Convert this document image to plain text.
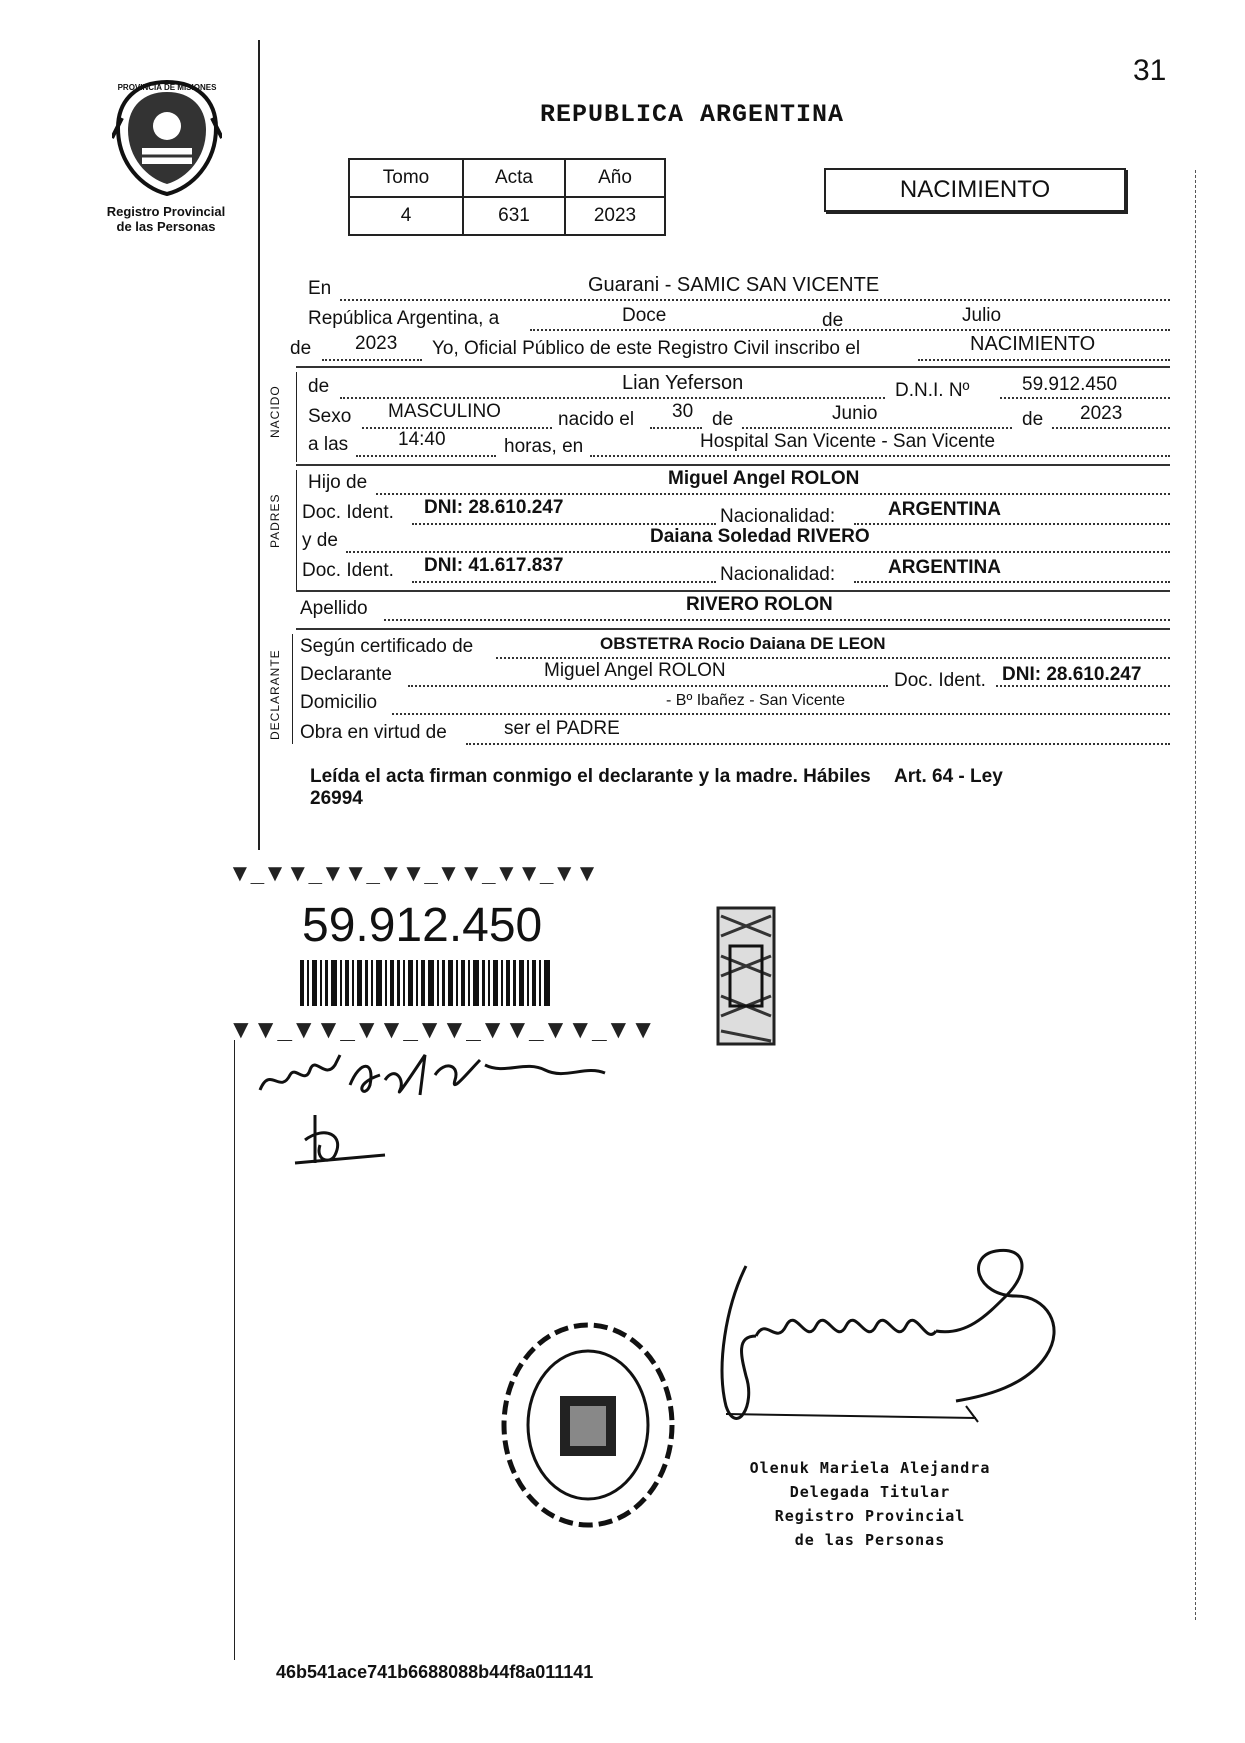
31
PROVINCIA DE MISIONES
Registro Provincial
de las Personas
REPUBLICA ARGENTINA
Tomo	Acta	Año
4	631	2023
NACIMIENTO
En	Guarani - SAMIC SAN VICENTE
República Argentina, a	Doce	de	Julio
de 2023 Yo, Oficial Público de este Registro Civil inscribo el	NACIMIENTO
NACIDO de	Lian Yeferson	D.N.I. Nº	59.912.450
Sexo MASCULINO	nacido el 30 de	Junio	de 2023
a las	14:40	horas, en	Hospital San Vicente - San Vicente
PADRES
Hijo de	Miguel Angel ROLON
Doc. Ident. DNI: 28.610.247	Nacionalidad:	ARGENTINA
y de	Daiana Soledad RIVERO
Doc. Ident. DNI: 41.617.837	Nacionalidad:	ARGENTINA
Apellido	RIVERO ROLON
DECLARANTE
Según certificado de	OBSTETRA Rocio Daiana DE LEON
Declarante	Miguel Angel ROLON	Doc. Ident. DNI: 28.610.247
Domicilio	- Bº Ibañez - San Vicente
Obra en virtud de	ser el PADRE
Leída el acta firman conmigo el declarante y la madre. Hábiles Art. 64 - Ley
26994
▼_▼▼_▼▼_▼▼_▼▼_▼▼_▼▼
59.912.450
▼▼_▼▼_▼▼_▼▼_▼▼_▼▼_▼▼
Olenuk Mariela Alejandra
Delegada Titular
Registro Provincial
de las Personas
46b541ace741b6688088b44f8a011141
